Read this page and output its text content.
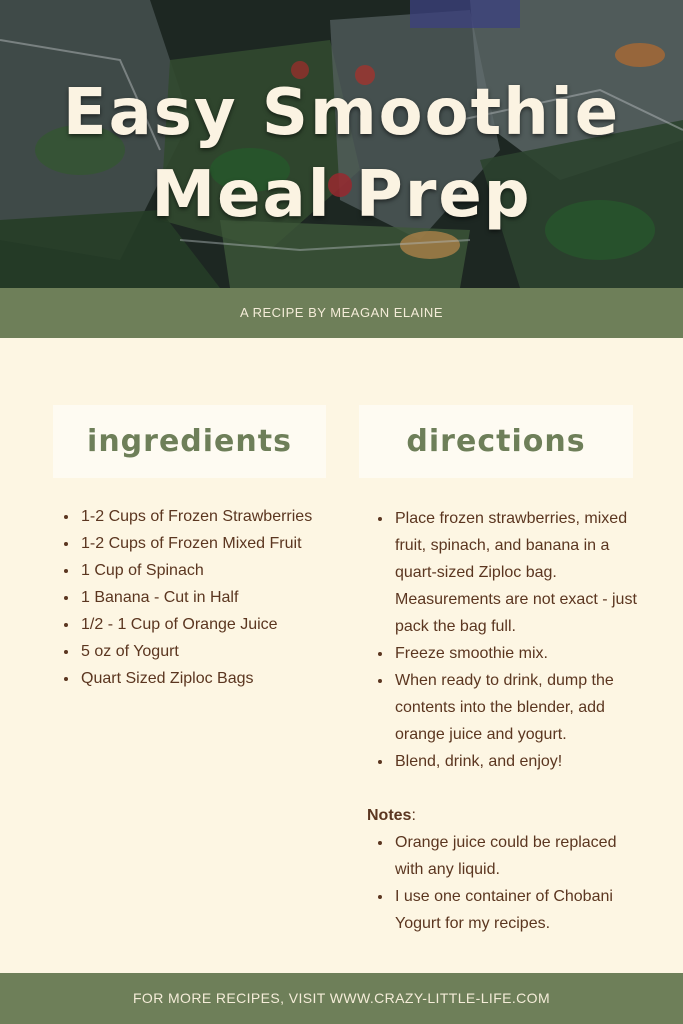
Easy Smoothie
Meal Prep
A RECIPE BY MEAGAN ELAINE
ingredients	directions
• 1-2 Cups of Frozen Strawberries
• 1-2 Cups of Frozen Mixed Fruit
• 1 Cup of Spinach
• 1 Banana - Cut in Half
• 1/2 - 1 Cup of Orange Juice
• 5 oz of Yogurt
• Quart Sized Ziploc Bags
• Place frozen strawberries, mixed fruit, spinach, and banana in a quart-sized Ziploc bag. Measurements are not exact - just pack the bag full.
• Freeze smoothie mix.
• When ready to drink, dump the contents into the blender, add orange juice and yogurt.
• Blend, drink, and enjoy!

Notes:

• Orange juice could be replaced with any liquid.
• I use one container of Chobani Yogurt for my recipes.
FOR MORE RECIPES, VISIT WWW.CRAZY-LITTLE-LIFE.COM
